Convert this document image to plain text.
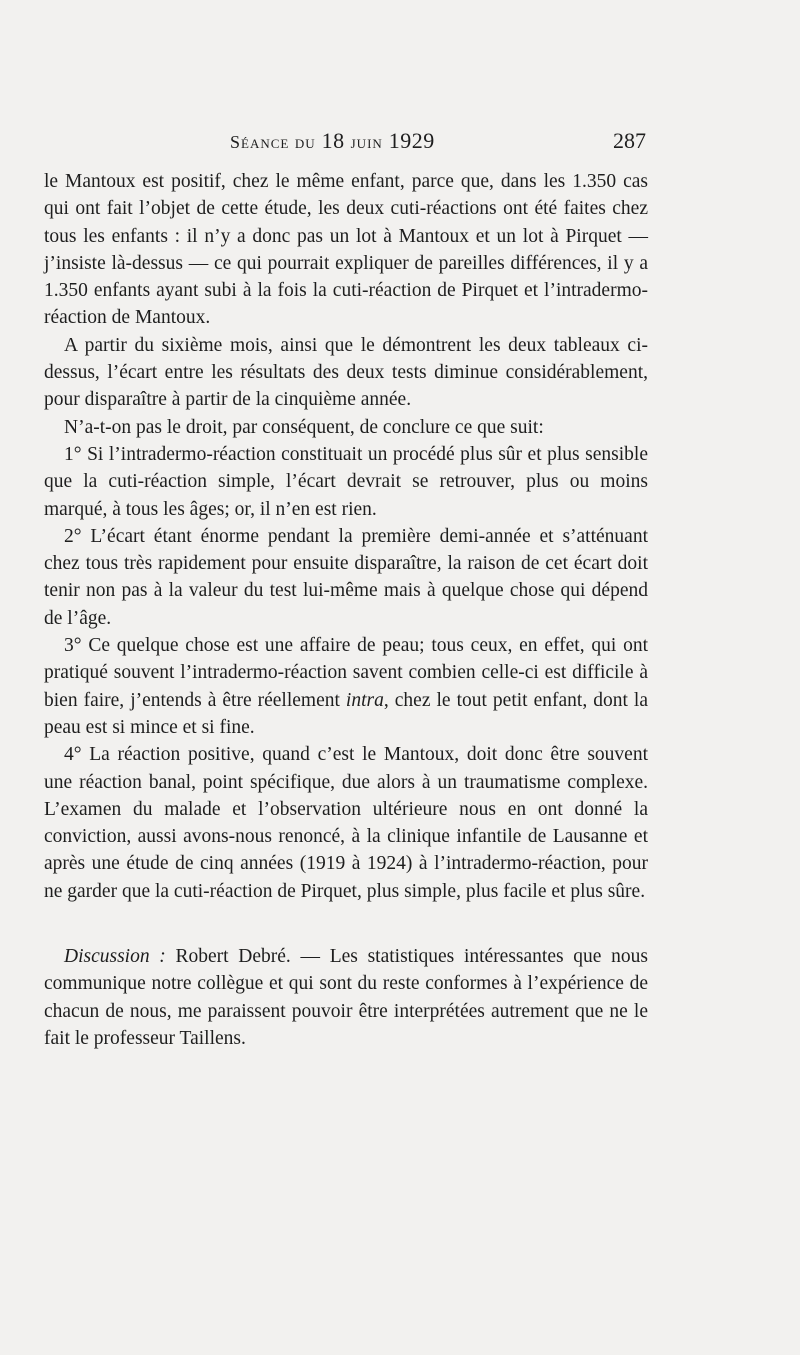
Séance du 18 juin 1929	287

le Mantoux est positif, chez le même enfant, parce que, dans les 1.350 cas qui ont fait l’objet de cette étude, les deux cuti-réactions ont été faites chez tous les enfants : il n’y a donc pas un lot à Mantoux et un lot à Pirquet — j’insiste là-dessus — ce qui pourrait expliquer de pareilles différences, il y a 1.350 enfants ayant subi à la fois la cuti-réaction de Pirquet et l’intradermo-réaction de Mantoux.

A partir du sixième mois, ainsi que le démontrent les deux tableaux ci-dessus, l’écart entre les résultats des deux tests diminue considérablement, pour disparaître à partir de la cinquième année.

N’a-t-on pas le droit, par conséquent, de conclure ce que suit:

1° Si l’intradermo-réaction constituait un procédé plus sûr et plus sensible que la cuti-réaction simple, l’écart devrait se retrouver, plus ou moins marqué, à tous les âges; or, il n’en est rien.

2° L’écart étant énorme pendant la première demi-année et s’atténuant chez tous très rapidement pour ensuite disparaître, la raison de cet écart doit tenir non pas à la valeur du test lui-même mais à quelque chose qui dépend de l’âge.

3° Ce quelque chose est une affaire de peau; tous ceux, en effet, qui ont pratiqué souvent l’intradermo-réaction savent combien celle-ci est difficile à bien faire, j’entends à être réellement intra, chez le tout petit enfant, dont la peau est si mince et si fine.

4° La réaction positive, quand c’est le Mantoux, doit donc être souvent une réaction banal, point spécifique, due alors à un traumatisme complexe. L’examen du malade et l’observation ultérieure nous en ont donné la conviction, aussi avons-nous renoncé, à la clinique infantile de Lausanne et après une étude de cinq années (1919 à 1924) à l’intradermo-réaction, pour ne garder que la cuti-réaction de Pirquet, plus simple, plus facile et plus sûre.

Discussion : Robert Debré. — Les statistiques intéressantes que nous communique notre collègue et qui sont du reste conformes à l’expérience de chacun de nous, me paraissent pouvoir être interprétées autrement que ne le fait le professeur Taillens.
